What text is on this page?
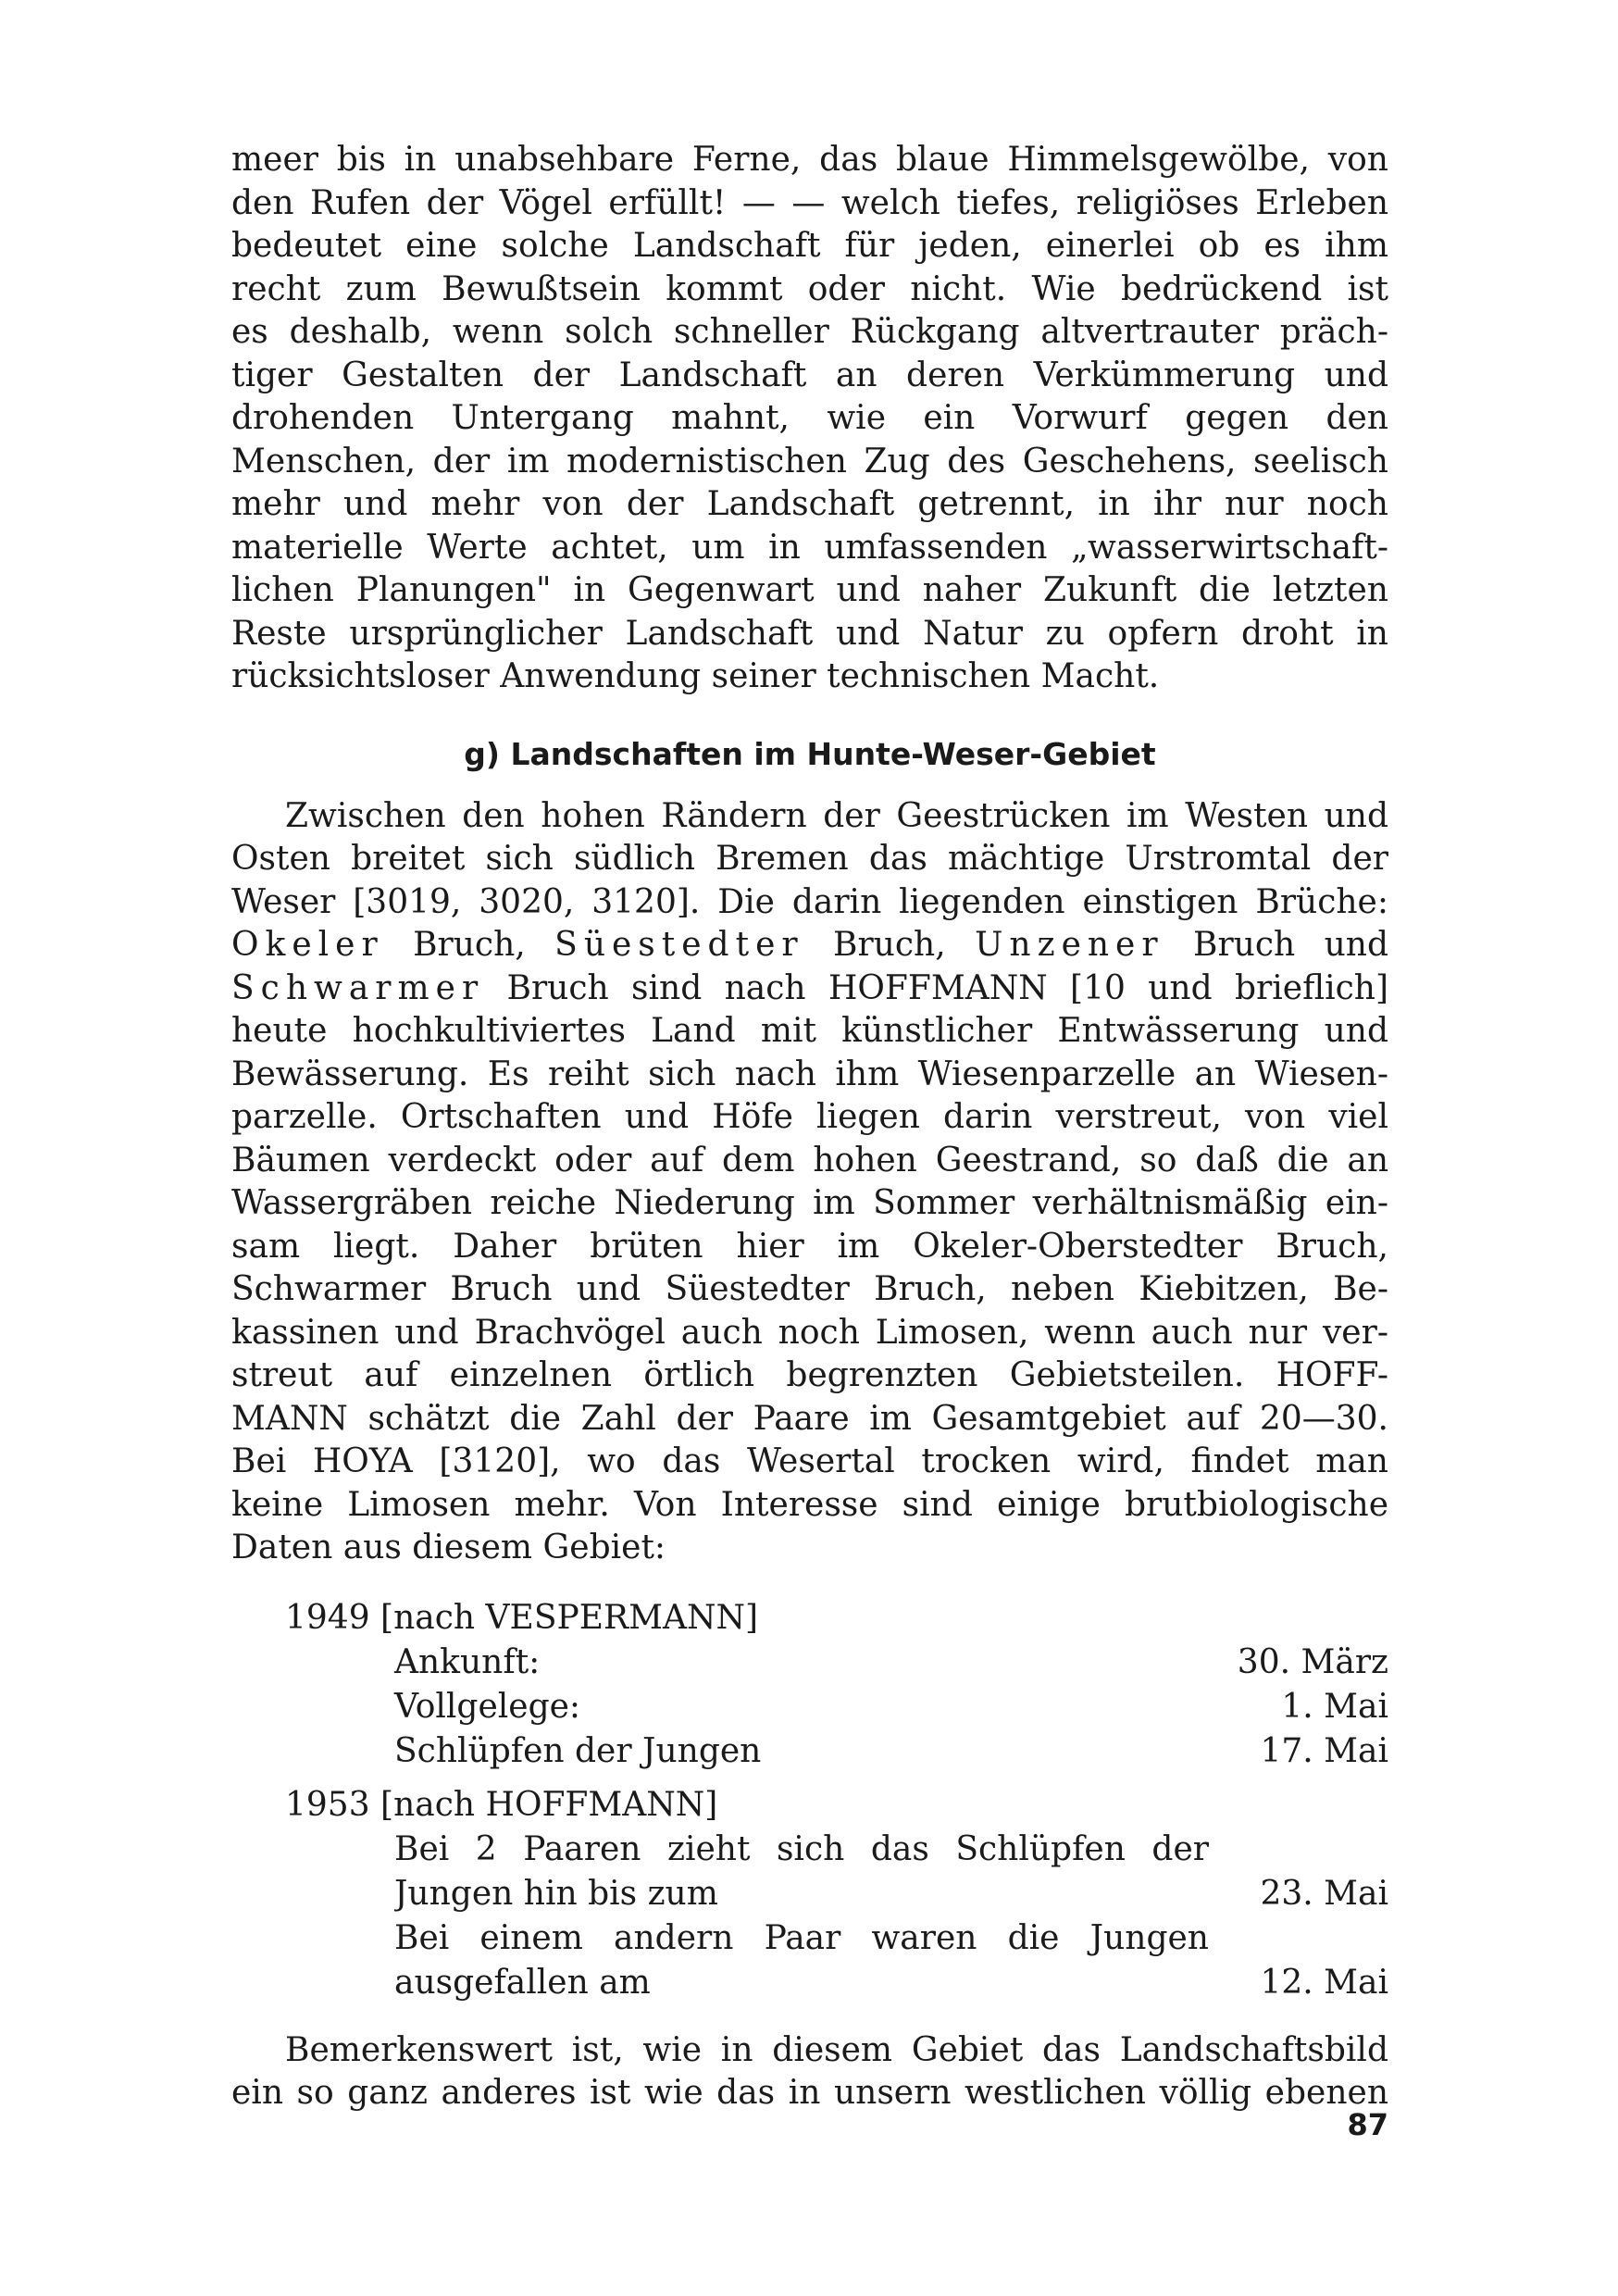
meer bis in unabsehbare Ferne, das blaue Himmelsgewölbe, von
den Rufen der Vögel erfüllt! — — welch tiefes, religiöses Erleben
bedeutet eine solche Landschaft für jeden, einerlei ob es ihm
recht zum Bewußtsein kommt oder nicht. Wie bedrückend ist
es deshalb, wenn solch schneller Rückgang altvertrauter präch-
tiger Gestalten der Landschaft an deren Verkümmerung und
drohenden Untergang mahnt, wie ein Vorwurf gegen den
Menschen, der im modernistischen Zug des Geschehens, seelisch
mehr und mehr von der Landschaft getrennt, in ihr nur noch
materielle Werte achtet, um in umfassenden „wasserwirtschaft-
lichen Planungen" in Gegenwart und naher Zukunft die letzten
Reste ursprünglicher Landschaft und Natur zu opfern droht in
rücksichtsloser Anwendung seiner technischen Macht.
g) Landschaften im Hunte-Weser-Gebiet
Zwischen den hohen Rändern der Geestrücken im Westen und
Osten breitet sich südlich Bremen das mächtige Urstromtal der
Weser [3019, 3020, 3120]. Die darin liegenden einstigen Brüche:
Okeler Bruch, Süestedter Bruch, Unzener Bruch und
Schwarmer Bruch sind nach HOFFMANN [10 und brieflich]
heute hochkultiviertes Land mit künstlicher Entwässerung und
Bewässerung. Es reiht sich nach ihm Wiesenparzelle an Wiesen-
parzelle. Ortschaften und Höfe liegen darin verstreut, von viel
Bäumen verdeckt oder auf dem hohen Geestrand, so daß die an
Wassergräben reiche Niederung im Sommer verhältnismäßig ein-
sam liegt. Daher brüten hier im Okeler-Oberstedter Bruch,
Schwarmer Bruch und Süestedter Bruch, neben Kiebitzen, Be-
kassinen und Brachvögel auch noch Limosen, wenn auch nur ver-
streut auf einzelnen örtlich begrenzten Gebietsteilen. HOFF-
MANN schätzt die Zahl der Paare im Gesamtgebiet auf 20—30.
Bei HOYA [3120], wo das Wesertal trocken wird, findet man
keine Limosen mehr. Von Interesse sind einige brutbiologische
Daten aus diesem Gebiet:
1949 [nach VESPERMANN]
Ankunft:	30. März
Vollgelege:	1. Mai
Schlüpfen der Jungen	17. Mai
1953 [nach HOFFMANN]
Bei 2 Paaren zieht sich das Schlüpfen der
Jungen hin bis zum	23. Mai
Bei einem andern Paar waren die Jungen
ausgefallen am	12. Mai
Bemerkenswert ist, wie in diesem Gebiet das Landschaftsbild
ein so ganz anderes ist wie das in unsern westlichen völlig ebenen
87
